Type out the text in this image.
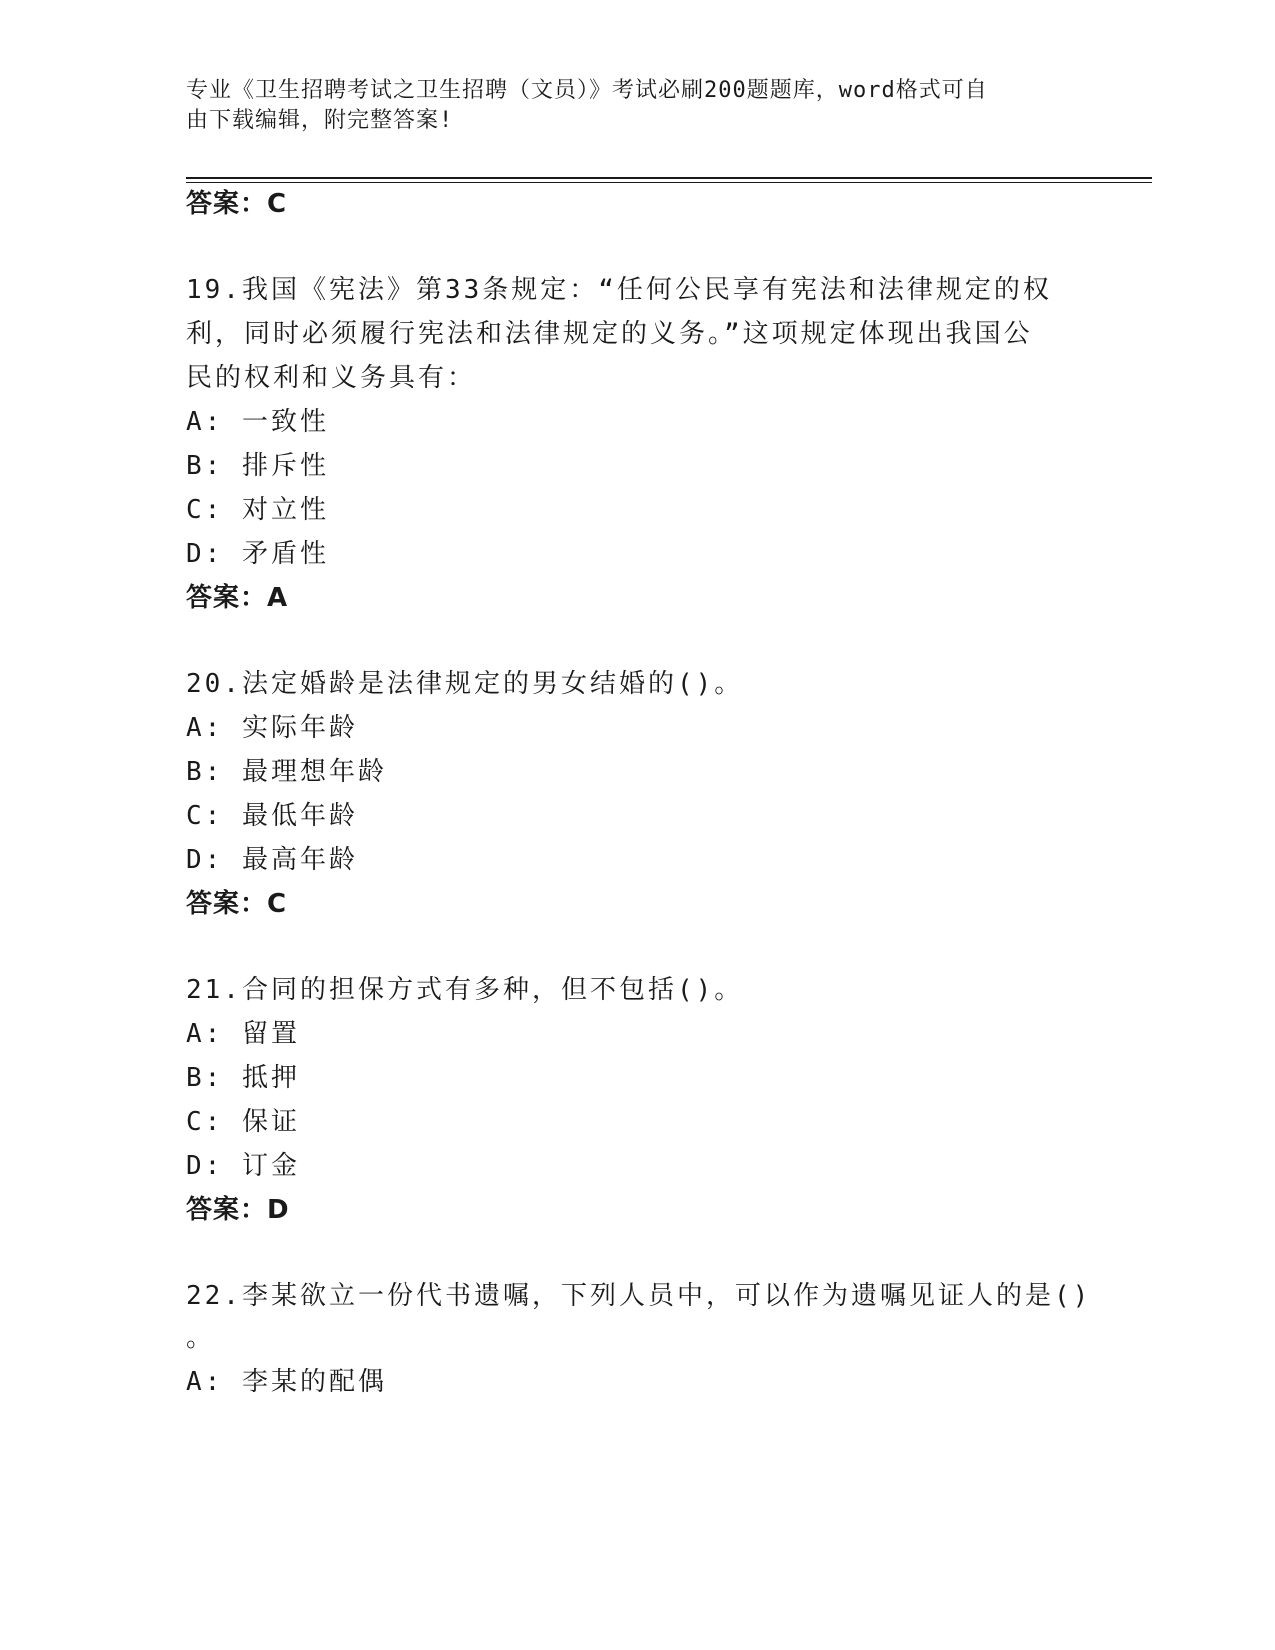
专业《卫生招聘考试之卫生招聘（文员）》考试必刷200题题库，word格式可自
由下载编辑，附完整答案!
答案：C
19.我国《宪法》第33条规定：“任何公民享有宪法和法律规定的权
利，同时必须履行宪法和法律规定的义务。”这项规定体现出我国公
民的权利和义务具有：
A: 一致性
B: 排斥性
C: 对立性
D: 矛盾性
答案：A
20.法定婚龄是法律规定的男女结婚的()。
A: 实际年龄
B: 最理想年龄
C: 最低年龄
D: 最高年龄
答案：C
21.合同的担保方式有多种，但不包括()。
A: 留置
B: 抵押
C: 保证
D: 订金
答案：D
22.李某欲立一份代书遗嘱，下列人员中，可以作为遗嘱见证人的是()
。
A: 李某的配偶
